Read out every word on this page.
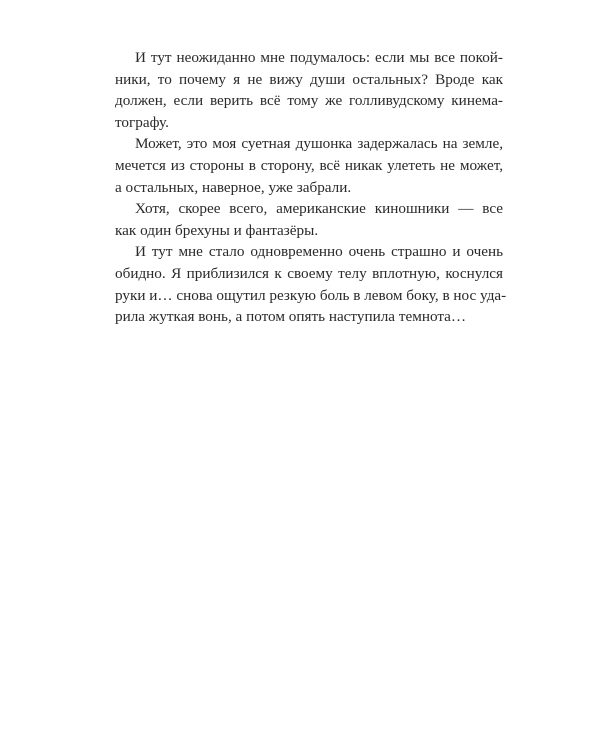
И тут неожиданно мне подумалось: если мы все покой-
ники, то почему я не вижу души остальных? Вроде как
должен, если верить всё тому же голливудскому кинема-
тографу.
Может, это моя суетная душонка задержалась на земле,
мечется из стороны в сторону, всё никак улететь не может,
а остальных, наверное, уже забрали.
Хотя, скорее всего, американские киношники — все
как один брехуны и фантазёры.
И тут мне стало одновременно очень страшно и очень
обидно. Я приблизился к своему телу вплотную, коснулся
руки и… снова ощутил резкую боль в левом боку, в нос уда-
рила жуткая вонь, а потом опять наступила темнота…
